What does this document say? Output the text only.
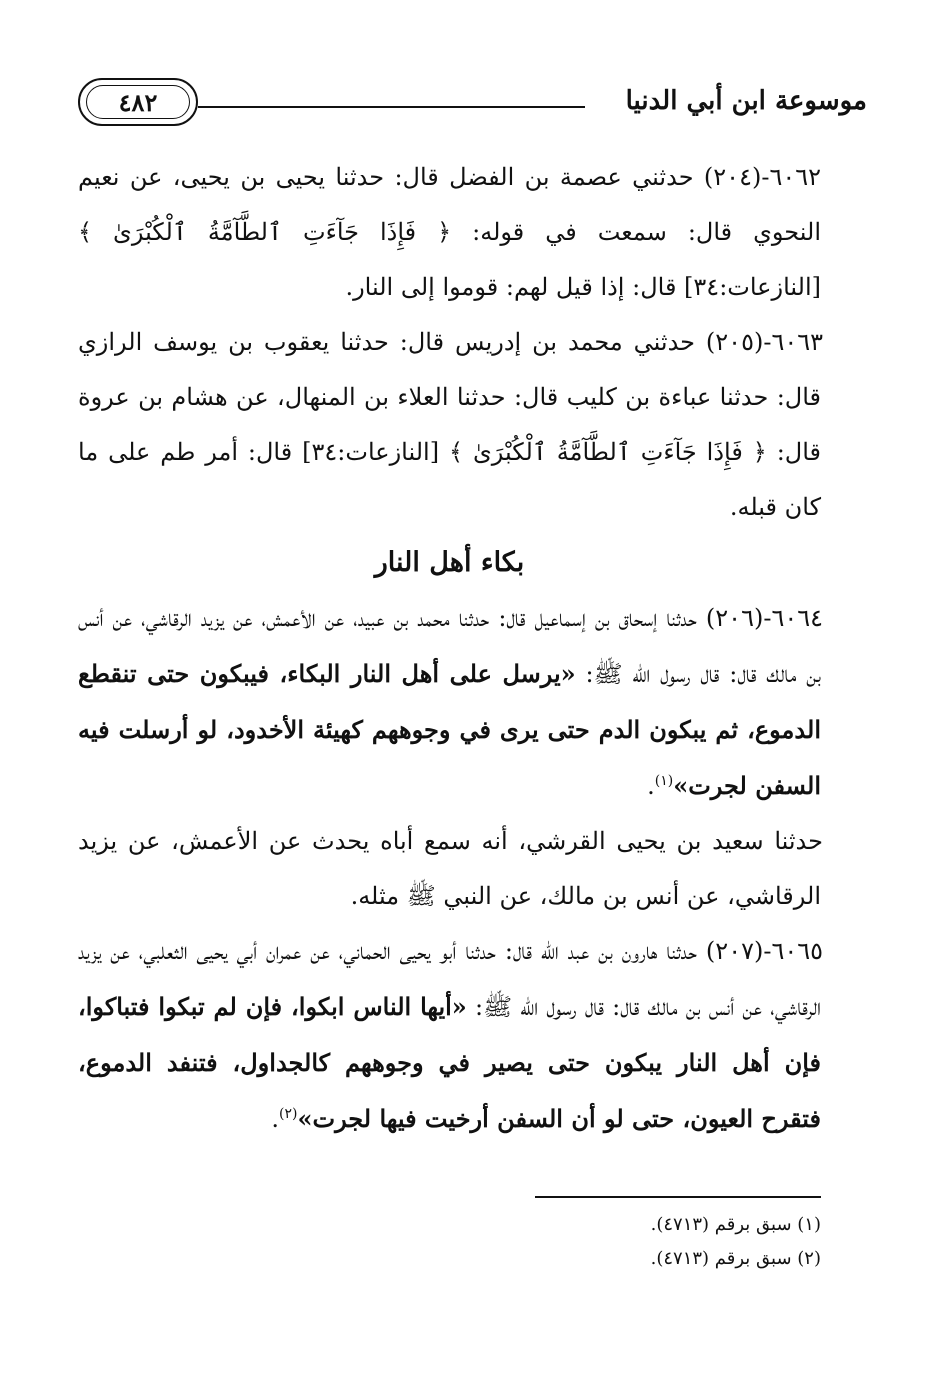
موسوعة ابن أبي الدنيا
٤٨٢

٦٠٦٢-(٢٠٤) حدثني عصمة بن الفضل قال: حدثنا يحيى بن يحيى، عن نعيم النحوي قال: سمعت في قوله: ﴿ فَإِذَا جَآءَتِ ٱلطَّآمَّةُ ٱلْكُبْرَىٰ ﴾ [النازعات:٣٤] قال: إذا قيل لهم: قوموا إلى النار.

٦٠٦٣-(٢٠٥) حدثني محمد بن إدريس قال: حدثنا يعقوب بن يوسف الرازي قال: حدثنا عباءة بن كليب قال: حدثنا العلاء بن المنهال، عن هشام بن عروة قال: ﴿ فَإِذَا جَآءَتِ ٱلطَّآمَّةُ ٱلْكُبْرَىٰ ﴾ [النازعات:٣٤] قال: أمر طم على ما كان قبله.

بكاء أهل النار

٦٠٦٤-(٢٠٦) حدثنا إسحاق بن إسماعيل قال: حدثنا محمد بن عبيد، عن الأعمش، عن يزيد الرقاشي، عن أنس بن مالك قال: قال رسول الله ﷺ: «يرسل على أهل النار البكاء، فيبكون حتى تنقطع الدموع، ثم يبكون الدم حتى يرى في وجوههم كهيئة الأخدود، لو أرسلت فيه السفن لجرت»$^{(١)}$.

حدثنا سعيد بن يحيى القرشي، أنه سمع أباه يحدث عن الأعمش، عن يزيد الرقاشي، عن أنس بن مالك، عن النبي ﷺ مثله.

٦٠٦٥-(٢٠٧) حدثنا هارون بن عبد الله قال: حدثنا أبو يحيى الحماني، عن عمران أبي يحيى الثعلبي، عن يزيد الرقاشي، عن أنس بن مالك قال: قال رسول الله ﷺ: «أيها الناس ابكوا، فإن لم تبكوا فتباكوا، فإن أهل النار يبكون حتى يصير في وجوههم كالجداول، فتنفد الدموع، فتقرح العيون، حتى لو أن السفن أرخيت فيها لجرت»$^{(٢)}$.

(١) سبق برقم (٤٧١٣).
(٢) سبق برقم (٤٧١٣).
